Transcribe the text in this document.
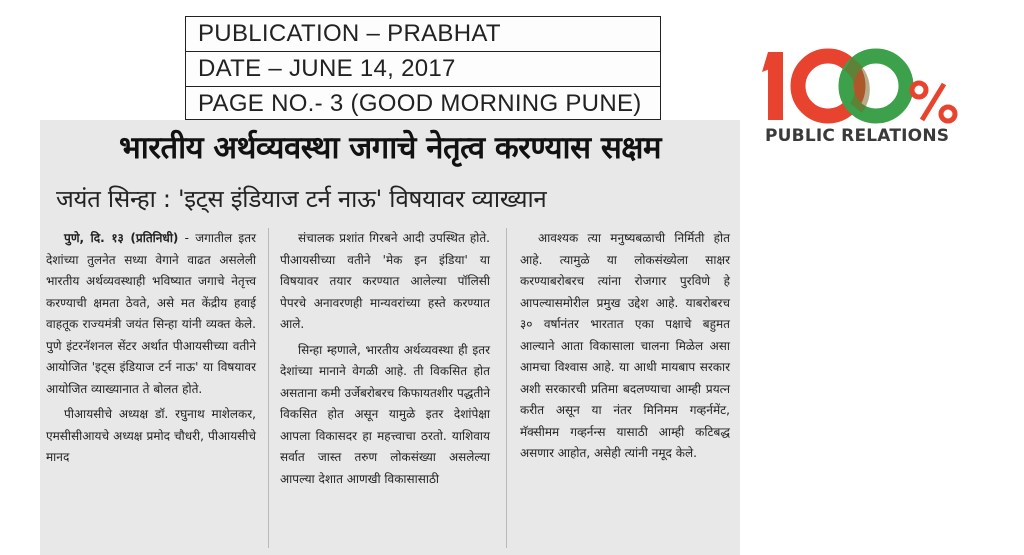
PUBLICATION – PRABHAT
DATE – JUNE 14, 2017
PAGE NO.- 3 (GOOD MORNING PUNE)
PUBLIC RELATIONS
भारतीय अर्थव्यवस्था जगाचे नेतृत्व करण्यास सक्षम
जयंत सिन्हा : 'इट्स इंडियाज टर्न नाऊ' विषयावर व्याख्यान

पुणे, दि. १३ (प्रतिनिधी) - जगातील इतर देशांच्या तुलनेत सध्या वेगाने वाढत असलेली भारतीय अर्थव्यवस्थाही भविष्यात जगाचे नेतृत्त्व करण्याची क्षमता ठेवते, असे मत केंद्रीय हवाई वाहतूक राज्यमंत्री जयंत सिन्हा यांनी व्यक्त केले. पुणे इंटरनॅशनल सेंटर अर्थात पीआयसीच्या वतीने आयोजित 'इट्स इंडियाज टर्न नाऊ' या विषयावर आयोजित व्याख्यानात ते बोलत होते.

पीआयसीचे अध्यक्ष डॉ. रघुनाथ माशेलकर, एमसीसीआयचे अध्यक्ष प्रमोद चौधरी, पीआयसीचे मानद

संचालक प्रशांत गिरबने आदी उपस्थित होते. पीआयसीच्या वतीने 'मेक इन इंडिया' या विषयावर तयार करण्यात आलेल्या पॉलिसी पेपरचे अनावरणही मान्यवरांच्या हस्ते करण्यात आले.

सिन्हा म्हणाले, भारतीय अर्थव्यवस्था ही इतर देशांच्या मानाने वेगळी आहे. ती विकसित होत असताना कमी उर्जेबरोबरच किफायतशीर पद्धतीने विकसित होत असून यामुळे इतर देशांपेक्षा आपला विकासदर हा महत्त्वाचा ठरतो. याशिवाय सर्वात जास्त तरुण लोकसंख्या असलेल्या आपल्या देशात आणखी विकासासाठी

आवश्यक त्या मनुष्यबळाची निर्मिती होत आहे. त्यामुळे या लोकसंख्येला साक्षर करण्याबरोबरच त्यांना रोजगार पुरविणे हे आपल्यासमोरील प्रमुख उद्देश आहे. याबरोबरच ३० वर्षानंतर भारतात एका पक्षाचे बहुमत आल्याने आता विकासाला चालना मिळेल असा आमचा विश्वास आहे. या आधी मायबाप सरकार अशी सरकारची प्रतिमा बदलण्याचा आम्ही प्रयत्न करीत असून या नंतर मिनिमम गव्हर्नमेंट, मॅक्सीमम गव्हर्नन्स यासाठी आम्ही कटिबद्ध असणार आहोत, असेही त्यांनी नमूद केले.
